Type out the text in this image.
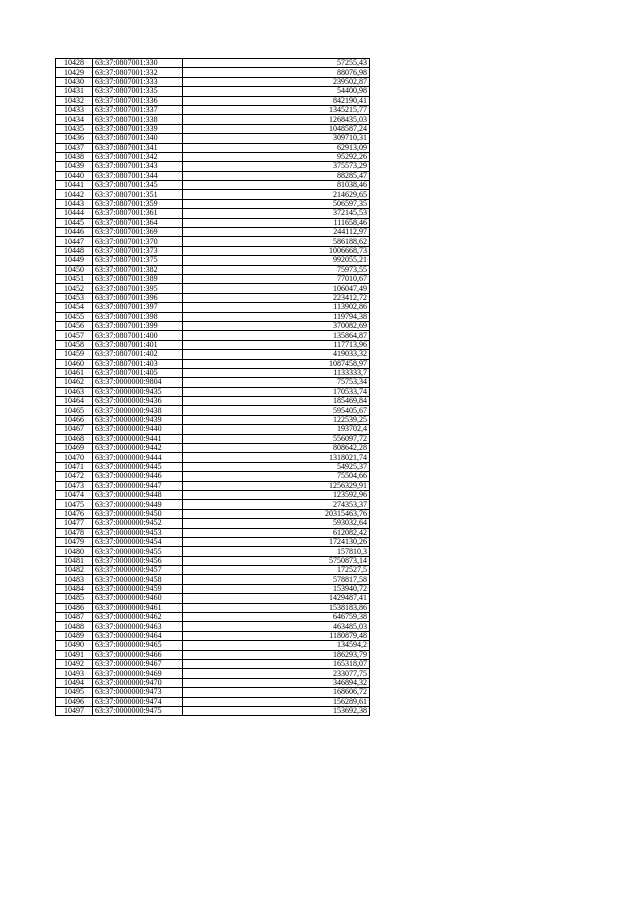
10428	63:37:0807001:330	57255,43
10429	63:37:0807001:332	88076,98
10430	63:37:0807001:333	239502,87
10431	63:37:0807001:335	54400,98
10432	63:37:0807001:336	842190,41
10433	63:37:0807001:337	1345215,77
10434	63:37:0807001:338	1268435,03
10435	63:37:0807001:339	1048587,24
10436	63:37:0807001:340	309710,31
10437	63:37:0807001:341	62913,09
10438	63:37:0807001:342	95292,26
10439	63:37:0807001:343	375573,29
10440	63:37:0807001:344	88285,47
10441	63:37:0807001:345	81038,46
10442	63:37:0807001:351	214629,65
10443	63:37:0807001:359	506597,35
10444	63:37:0807001:361	372145,53
10445	63:37:0807001:364	111658,46
10446	63:37:0807001:369	244112,97
10447	63:37:0807001:370	586188,62
10448	63:37:0807001:373	1006668,73
10449	63:37:0807001:375	992055,21
10450	63:37:0807001:382	75973,55
10451	63:37:0807001:389	77010,67
10452	63:37:0807001:395	106047,49
10453	63:37:0807001:396	223412,72
10454	63:37:0807001:397	113902,86
10455	63:37:0807001:398	119794,38
10456	63:37:0807001:399	370082,69
10457	63:37:0807001:400	135864,87
10458	63:37:0807001:401	117713,96
10459	63:37:0807001:402	419033,32
10460	63:37:0807001:403	1087458,97
10461	63:37:0807001:405	1133333,7
10462	63:37:0000000:9804	75753,34
10463	63:37:0000000:9435	170533,74
10464	63:37:0000000:9436	185469,84
10465	63:37:0000000:9438	595405,67
10466	63:37:0000000:9439	122539,25
10467	63:37:0000000:9440	193702,4
10468	63:37:0000000:9441	556097,72
10469	63:37:0000000:9442	808642,28
10470	63:37:0000000:9444	1318021,74
10471	63:37:0000000:9445	54925,37
10472	63:37:0000000:9446	75504,66
10473	63:37:0000000:9447	1256329,91
10474	63:37:0000000:9448	123592,96
10475	63:37:0000000:9449	274353,37
10476	63:37:0000000:9450	20315463,76
10477	63:37:0000000:9452	593032,64
10478	63:37:0000000:9453	612082,42
10479	63:37:0000000:9454	1724130,26
10480	63:37:0000000:9455	157810,3
10481	63:37:0000000:9456	5750873,14
10482	63:37:0000000:9457	172527,5
10483	63:37:0000000:9458	578817,58
10484	63:37:0000000:9459	153940,72
10485	63:37:0000000:9460	1429487,41
10486	63:37:0000000:9461	1538183,86
10487	63:37:0000000:9462	646759,38
10488	63:37:0000000:9463	463485,03
10489	63:37:0000000:9464	1180879,48
10490	63:37:0000000:9465	134594,2
10491	63:37:0000000:9466	186293,79
10492	63:37:0000000:9467	165318,07
10493	63:37:0000000:9469	233077,75
10494	63:37:0000000:9470	346894,32
10495	63:37:0000000:9473	168606,72
10496	63:37:0000000:9474	156289,61
10497	63:37:0000000:9475	153692,38
